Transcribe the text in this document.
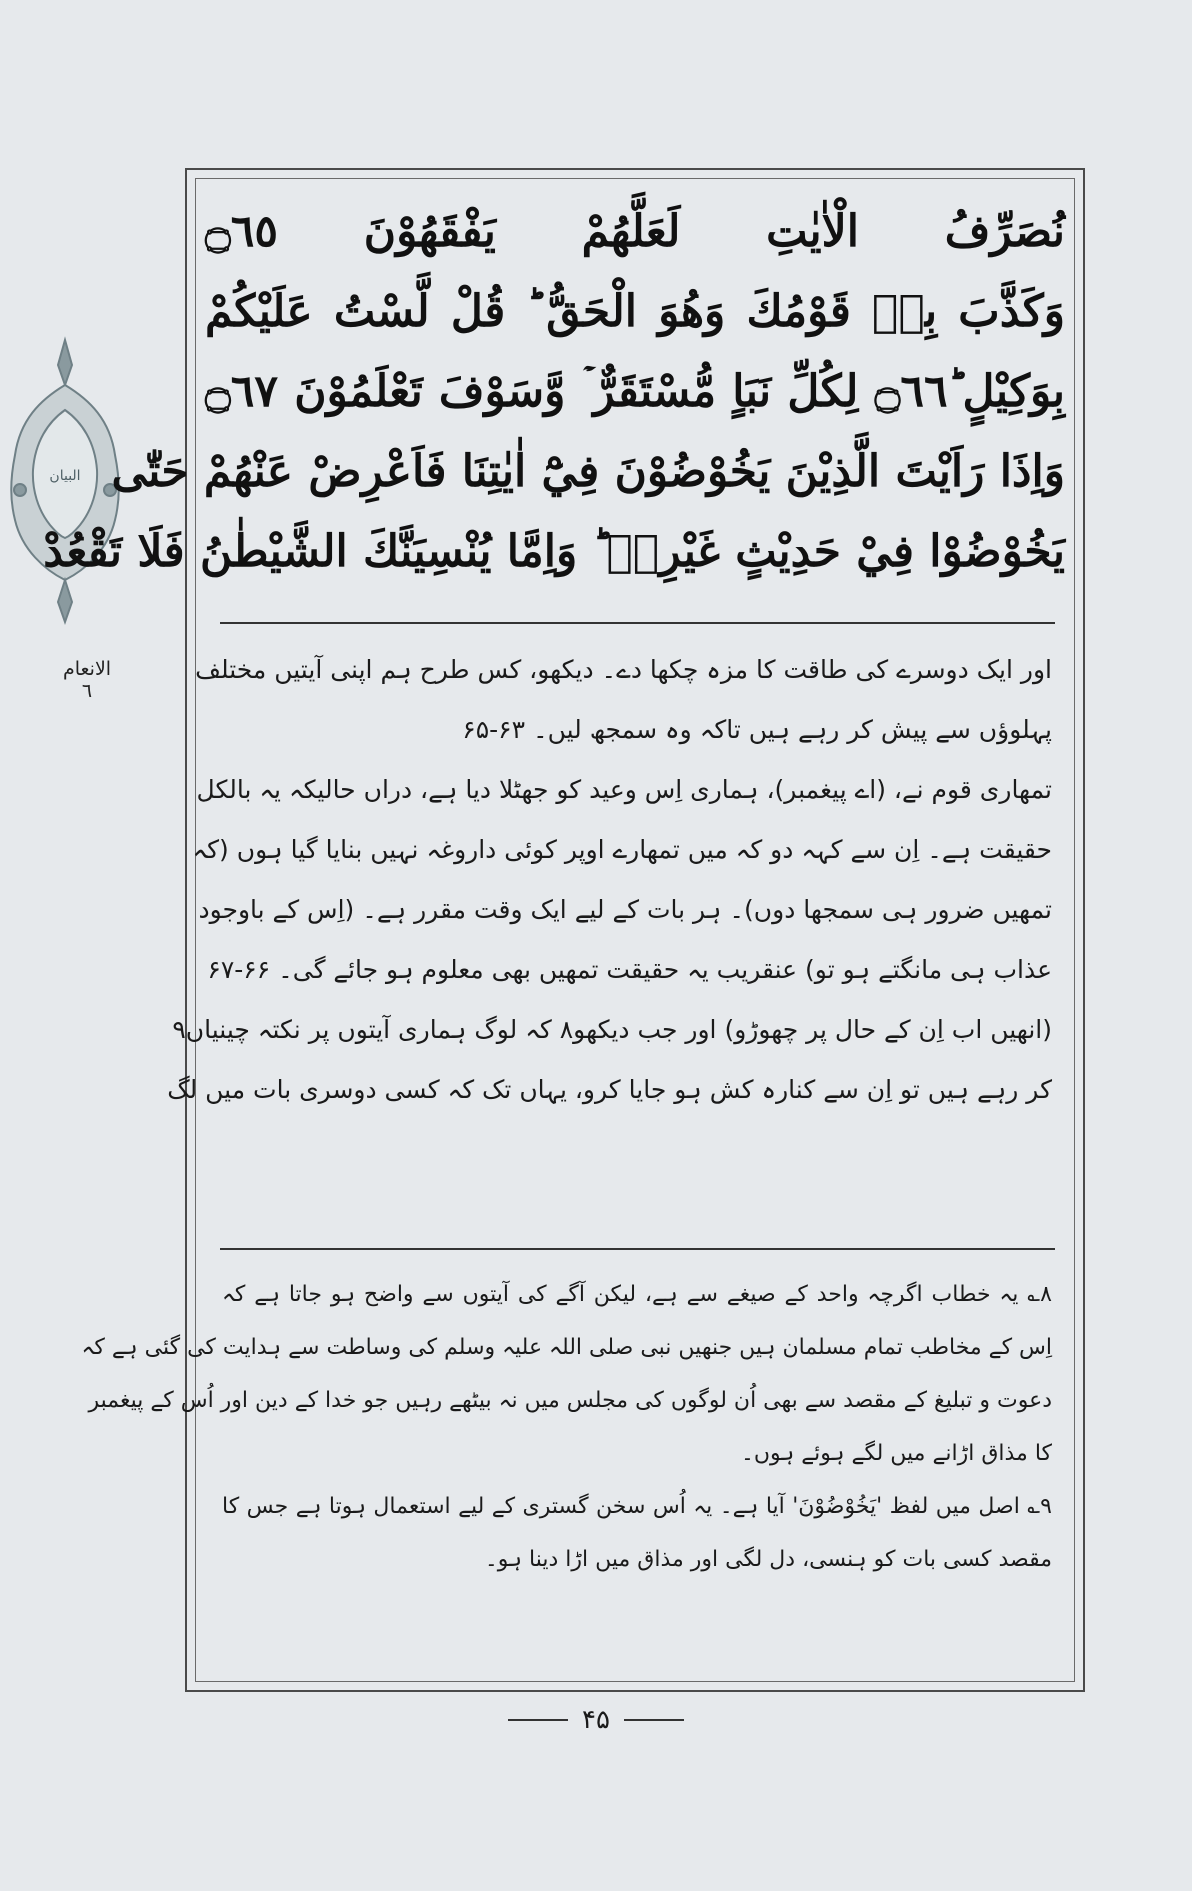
البیان
الانعام
٦
نُصَرِّفُ الْاٰيٰتِ لَعَلَّهُمْ يَفْقَهُوْنَ ۝٦٥
وَكَذَّبَ بِهٖ قَوْمُكَ وَهُوَ الْحَقُّ ؕ قُلْ لَّسْتُ عَلَيْكُمْ
بِوَكِيْلٍ ؕ۝٦٦ لِكُلِّ نَبَاٍ مُّسْتَقَرٌّ ۡ وَّسَوْفَ تَعْلَمُوْنَ ۝٦٧
وَاِذَا رَاَيْتَ الَّذِيْنَ يَخُوْضُوْنَ فِيْٓ اٰيٰتِنَا فَاَعْرِضْ عَنْهُمْ حَتّٰى
يَخُوْضُوْا فِيْ حَدِيْثٍ غَيْرِهٖ ؕ وَاِمَّا يُنْسِيَنَّكَ الشَّيْطٰنُ فَلَا تَقْعُدْ
اور ایک دوسرے کی طاقت کا مزہ چکھا دے۔ دیکھو، کس طرح ہم اپنی آیتیں مختلف
پہلوؤں سے پیش کر رہے ہیں تاکہ وہ سمجھ لیں۔ ۶۳-۶۵
تمھاری قوم نے، (اے پیغمبر)، ہماری اِس وعید کو جھٹلا دیا ہے، دراں حالیکہ یہ بالکل
حقیقت ہے۔ اِن سے کہہ دو کہ میں تمھارے اوپر کوئی داروغہ نہیں بنایا گیا ہوں (کہ
تمھیں ضرور ہی سمجھا دوں)۔ ہر بات کے لیے ایک وقت مقرر ہے۔ (اِس کے باوجود
عذاب ہی مانگتے ہو تو) عنقریب یہ حقیقت تمھیں بھی معلوم ہو جائے گی۔ ۶۶-۶۷
(انھیں اب اِن کے حال پر چھوڑو) اور جب دیکھو۸ کہ لوگ ہماری آیتوں پر نکتہ چینیاں۹
کر رہے ہیں تو اِن سے کنارہ کش ہو جایا کرو، یہاں تک کہ کسی دوسری بات میں لگ
۸؎ یہ خطاب اگرچہ واحد کے صیغے سے ہے، لیکن آگے کی آیتوں سے واضح ہو جاتا ہے کہ
اِس کے مخاطب تمام مسلمان ہیں جنھیں نبی صلی اللہ علیہ وسلم کی وساطت سے ہدایت کی گئی ہے کہ
دعوت و تبلیغ کے مقصد سے بھی اُن لوگوں کی مجلس میں نہ بیٹھے رہیں جو خدا کے دین اور اُس کے پیغمبر
کا مذاق اڑانے میں لگے ہوئے ہوں۔
۹؎ اصل میں لفظ 'یَخُوْضُوْنَ' آیا ہے۔ یہ اُس سخن گستری کے لیے استعمال ہوتا ہے جس کا
مقصد کسی بات کو ہنسی، دل لگی اور مذاق میں اڑا دینا ہو۔
۴۵
